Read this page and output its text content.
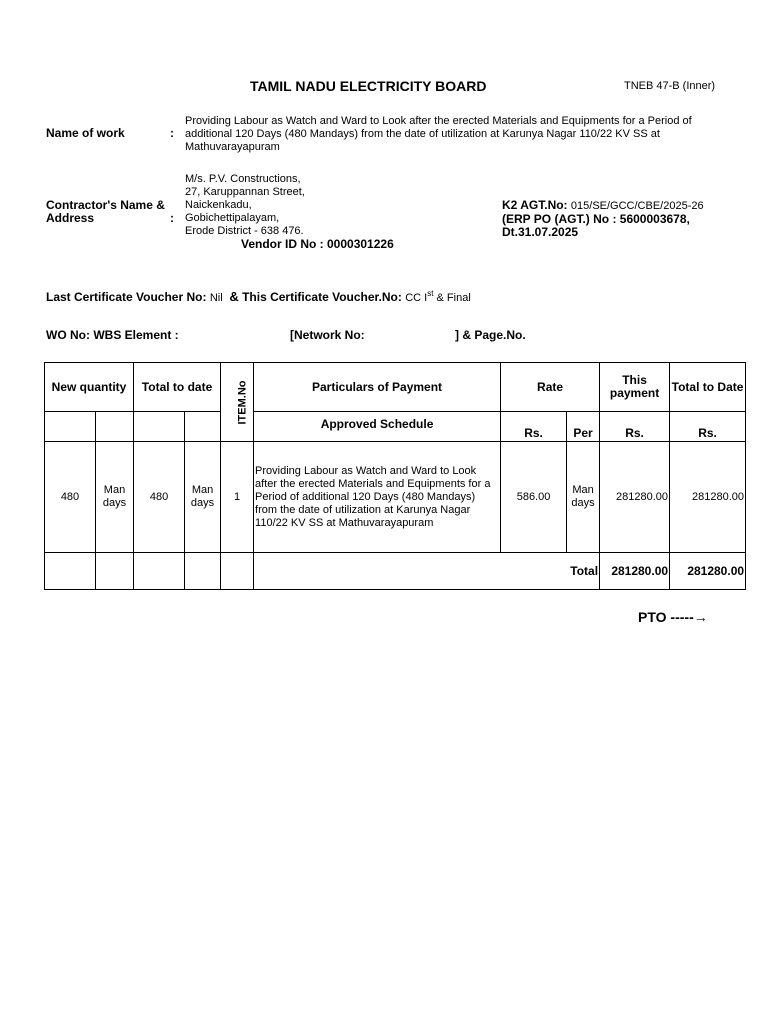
TAMIL NADU ELECTRICITY BOARD	TNEB 47-B (Inner)
Name of work	:
Providing Labour as Watch and Ward to Look after the erected Materials and Equipments for a Period of additional 120 Days (480 Mandays) from the date of utilization at Karunya Nagar 110/22 KV SS at Mathuvarayapuram
Contractor's Name & Address	:
M/s. P.V. Constructions,
27, Karuppannan Street,
Naickenkadu,
Gobichettipalayam,
Erode District - 638 476.
Vendor ID No : 0000301226
K2 AGT.No: 015/SE/GCC/CBE/2025-26
(ERP PO (AGT.) No : 5600003678,
Dt.31.07.2025
Last Certificate Voucher No: Nil & This Certificate Voucher.No: CC Ist & Final
WO No: WBS Element :	[Network No:	] & Page.No.
New quantity		Total to date		ITEM.No	Particulars of Payment	Rate		This payment	Total to Date
					Approved Schedule	Rs.	Per	Rs.	Rs.
480	Man days	480	Man days	1	Providing Labour as Watch and Ward to Look after the erected Materials and Equipments for a Period of additional 120 Days (480 Mandays) from the date of utilization at Karunya Nagar 110/22 KV SS at Mathuvarayapuram	586.00	Man days	281280.00	281280.00
					Total			281280.00	281280.00
PTO -----→
